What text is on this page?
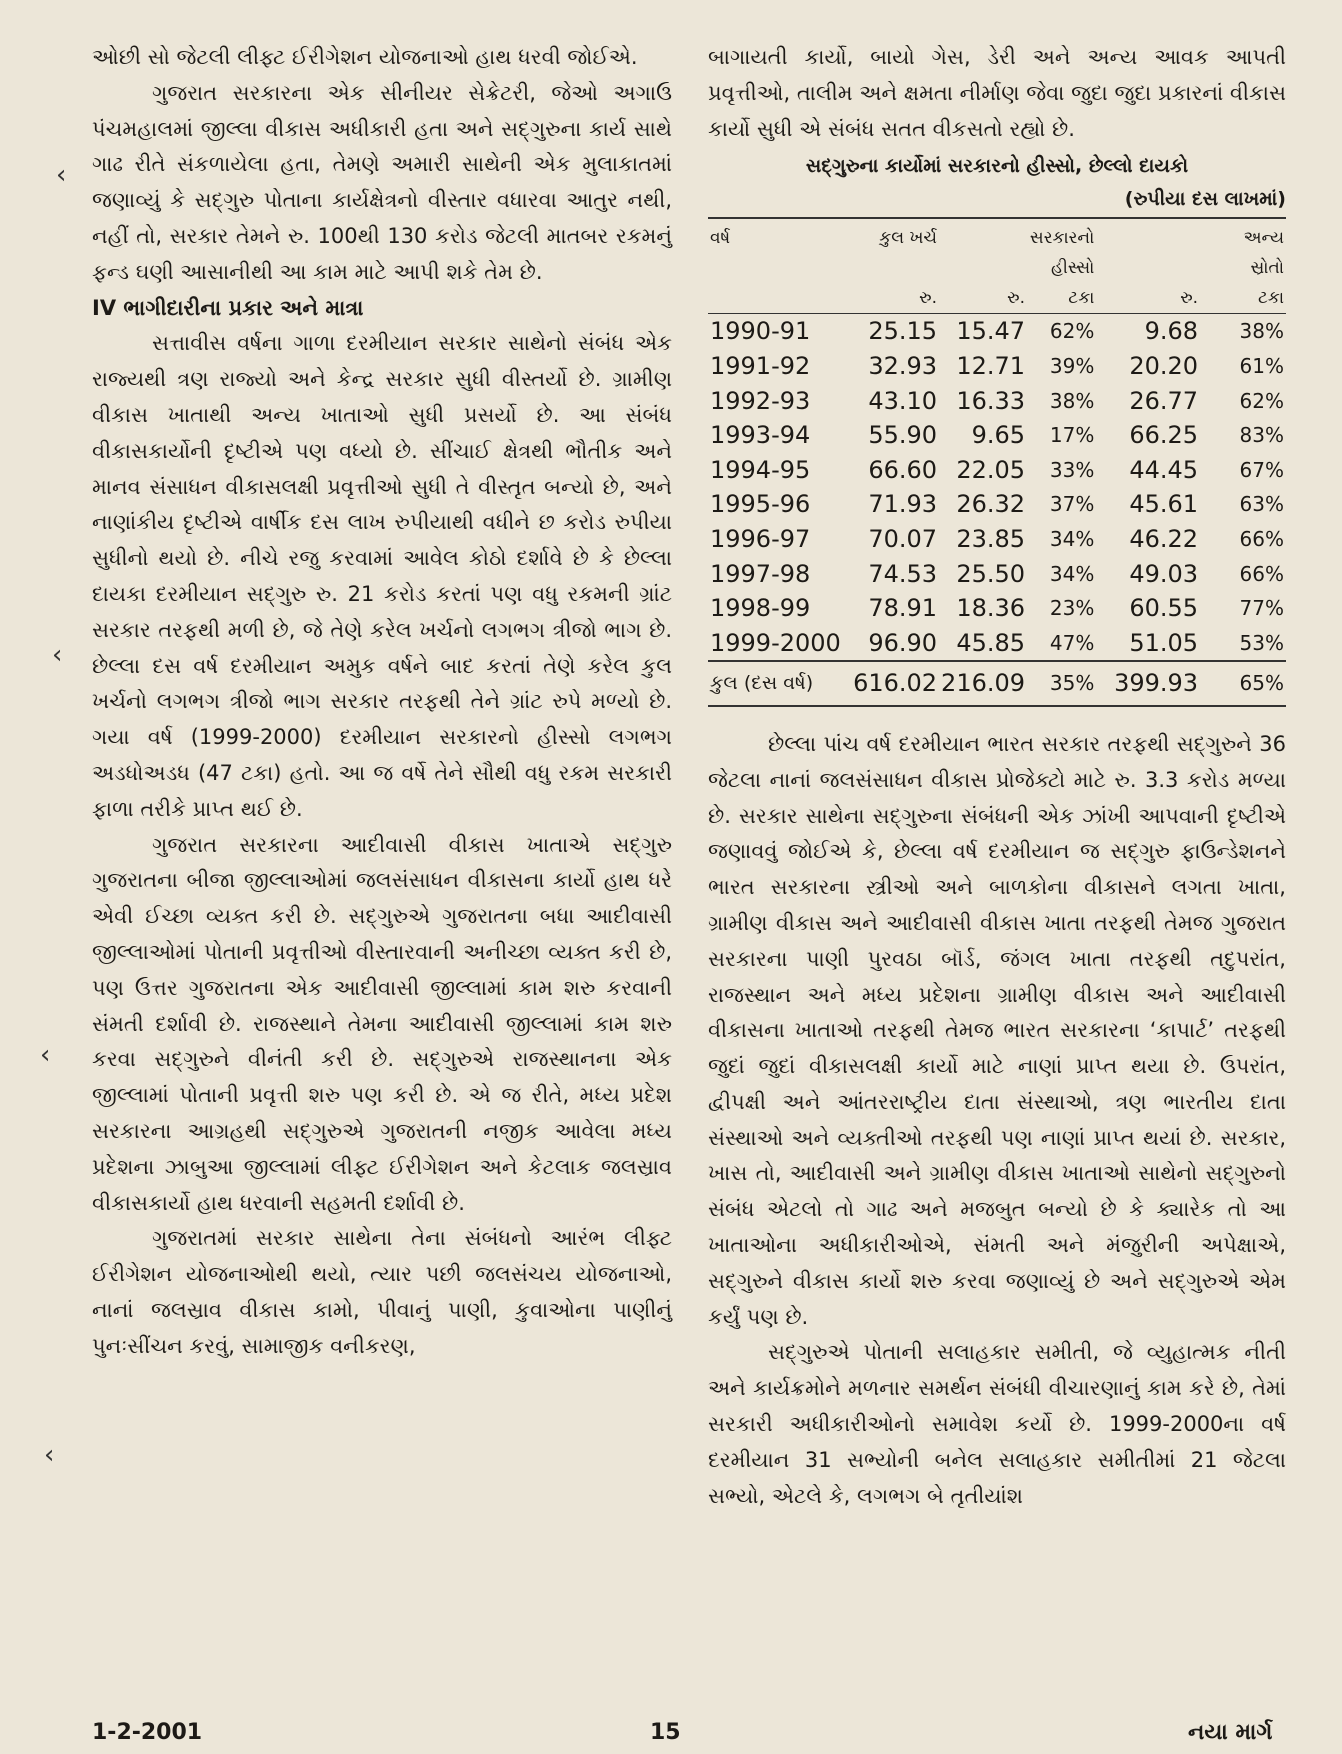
ઓછી સો જેટલી લીફ્ટ ઈરીગેશન યોજનાઓ હાથ ધરવી જોઈએ.

ગુજરાત સરકારના એક સીનીયર સેક્રેટરી, જેઓ અગાઉ પંચમહાલમાં જીલ્લા વીકાસ અધીકારી હતા અને સદ્‌ગુરુના કાર્ય સાથે ગાઢ રીતે સંકળાયેલા હતા, તેમણે અમારી સાથેની એક મુલાકાતમાં જણાવ્યું કે સદ્‌ગુરુ પોતાના કાર્યક્ષેત્રનો વીસ્તાર વધારવા આતુર નથી, નહીં તો, સરકાર તેમને રુ. 100થી 130 કરોડ જેટલી માતબર રકમનું ફન્ડ ઘણી આસાનીથી આ કામ માટે આપી શકે તેમ છે.

IV ભાગીદારીના પ્રકાર અને માત્રા

સત્તાવીસ વર્ષના ગાળા દરમીયાન સરકાર સાથેનો સંબંધ એક રાજ્યથી ત્રણ રાજ્યો અને કેન્દ્ર સરકાર સુધી વીસ્તર્યો છે. ગ્રામીણ વીકાસ ખાતાથી અન્ય ખાતાઓ સુધી પ્રસર્યો છે. આ સંબંધ વીકાસકાર્યોની દૃષ્ટીએ પણ વધ્યો છે. સીંચાઈ ક્ષેત્રથી ભૌતીક અને માનવ સંસાધન વીકાસલક્ષી પ્રવૃત્તીઓ સુધી તે વીસ્તૃત બન્યો છે, અને નાણાંકીય દૃષ્ટીએ વાર્ષીક દસ લાખ રુપીયાથી વધીને છ કરોડ રુપીયા સુધીનો થયો છે. નીચે રજુ કરવામાં આવેલ કોઠો દર્શાવે છે કે છેલ્લા દાયકા દરમીયાન સદ્‌ગુરુ રુ. 21 કરોડ કરતાં પણ વધુ રકમની ગ્રાંટ સરકાર તરફથી મળી છે, જે તેણે કરેલ ખર્ચનો લગભગ ત્રીજો ભાગ છે. છેલ્લા દસ વર્ષ દરમીયાન અમુક વર્ષને બાદ કરતાં તેણે કરેલ કુલ ખર્ચનો લગભગ ત્રીજો ભાગ સરકાર તરફથી તેને ગ્રાંટ રુપે મળ્યો છે. ગયા વર્ષ (1999-2000) દરમીયાન સરકારનો હીસ્સો લગભગ અડધોઅડધ (47 ટકા) હતો. આ જ વર્ષે તેને સૌથી વધુ રકમ સરકારી ફાળા તરીકે પ્રાપ્ત થઈ છે.

ગુજરાત સરકારના આદીવાસી વીકાસ ખાતાએ સદ્‌ગુરુ ગુજરાતના બીજા જીલ્લાઓમાં જલસંસાધન વીકાસના કાર્યો હાથ ધરે એવી ઈચ્છા વ્યક્ત કરી છે. સદ્‌ગુરુએ ગુજરાતના બધા આદીવાસી જીલ્લાઓમાં પોતાની પ્રવૃત્તીઓ વીસ્તારવાની અનીચ્છા વ્યક્ત કરી છે, પણ ઉત્તર ગુજરાતના એક આદીવાસી જીલ્લામાં કામ શરુ કરવાની સંમતી દર્શાવી છે. રાજસ્થાને તેમના આદીવાસી જીલ્લામાં કામ શરુ કરવા સદ્‌ગુરુને વીનંતી કરી છે. સદ્‌ગુરુએ રાજસ્થાનના એક જીલ્લામાં પોતાની પ્રવૃત્તી શરુ પણ કરી છે. એ જ રીતે, મધ્ય પ્રદેશ સરકારના આગ્રહથી સદ્‌ગુરુએ ગુજરાતની નજીક આવેલા મધ્ય પ્રદેશના ઝાબુઆ જીલ્લામાં લીફ્ટ ઈરીગેશન અને કેટલાક જલસ્રાવ વીકાસકાર્યો હાથ ધરવાની સહમતી દર્શાવી છે.

ગુજરાતમાં સરકાર સાથેના તેના સંબંધનો આરંભ લીફ્ટ ઈરીગેશન યોજનાઓથી થયો, ત્યાર પછી જલસંચય યોજનાઓ, નાનાં જલસ્રાવ વીકાસ કામો, પીવાનું પાણી, કુવાઓના પાણીનું પુનઃસીંચન કરવું, સામાજીક વનીકરણ,

બાગાયતી કાર્યો, બાયો ગેસ, ડેરી અને અન્ય આવક આપતી પ્રવૃત્તીઓ, તાલીમ અને ક્ષમતા નીર્માણ જેવા જુદા જુદા પ્રકારનાં વીકાસ કાર્યો સુધી એ સંબંધ સતત વીકસતો રહ્યો છે.

સદ્‌ગુરુના કાર્યોમાં સરકારનો હીસ્સો, છેલ્લો દાયકો
(રુપીયા દસ લાખમાં)
વર્ષ	કુલ ખર્ચ		સરકારનો		અન્ય
			હીસ્સો		સ્રોતો
	રુ.	રુ.	ટકા	રુ.	ટકા
1990-91	25.15	15.47	62%	9.68	38%
1991-92	32.93	12.71	39%	20.20	61%
1992-93	43.10	16.33	38%	26.77	62%
1993-94	55.90	9.65	17%	66.25	83%
1994-95	66.60	22.05	33%	44.45	67%
1995-96	71.93	26.32	37%	45.61	63%
1996-97	70.07	23.85	34%	46.22	66%
1997-98	74.53	25.50	34%	49.03	66%
1998-99	78.91	18.36	23%	60.55	77%
1999-2000	96.90	45.85	47%	51.05	53%
કુલ (દસ વર્ષ)	616.02	216.09	35%	399.93	65%

છેલ્લા પાંચ વર્ષ દરમીયાન ભારત સરકાર તરફથી સદ્‌ગુરુને 36 જેટલા નાનાં જલસંસાધન વીકાસ પ્રોજેક્ટો માટે રુ. 3.3 કરોડ મળ્યા છે. સરકાર સાથેના સદ્‌ગુરુના સંબંધની એક ઝાંખી આપવાની દૃષ્ટીએ જણાવવું જોઈએ કે, છેલ્લા વર્ષ દરમીયાન જ સદ્‌ગુરુ ફાઉન્ડેશનને ભારત સરકારના સ્ત્રીઓ અને બાળકોના વીકાસને લગતા ખાતા, ગ્રામીણ વીકાસ અને આદીવાસી વીકાસ ખાતા તરફથી તેમજ ગુજરાત સરકારના પાણી પુરવઠા બૉર્ડ, જંગલ ખાતા તરફથી તદુપરાંત, રાજસ્થાન અને મધ્ય પ્રદેશના ગ્રામીણ વીકાસ અને આદીવાસી વીકાસના ખાતાઓ તરફથી તેમજ ભારત સરકારના ‘કાપાર્ટ’ તરફથી જુદાં જુદાં વીકાસલક્ષી કાર્યો માટે નાણાં પ્રાપ્ત થયા છે. ઉપરાંત, દ્વીપક્ષી અને આંતરરાષ્ટ્રીય દાતા સંસ્થાઓ, ત્રણ ભારતીય દાતા સંસ્થાઓ અને વ્યક્તીઓ તરફથી પણ નાણાં પ્રાપ્ત થયાં છે. સરકાર, ખાસ તો, આદીવાસી અને ગ્રામીણ વીકાસ ખાતાઓ સાથેનો સદ્‌ગુરુનો સંબંધ એટલો તો ગાઢ અને મજબુત બન્યો છે કે ક્યારેક તો આ ખાતાઓના અધીકારીઓએ, સંમતી અને મંજુરીની અપેક્ષાએ, સદ્‌ગુરુને વીકાસ કાર્યો શરુ કરવા જણાવ્યું છે અને સદ્‌ગુરુએ એમ કર્યું પણ છે.

સદ્‌ગુરુએ પોતાની સલાહકાર સમીતી, જે વ્યુહાત્મક નીતી અને કાર્યક્રમોને મળનાર સમર્થન સંબંધી વીચારણાનું કામ કરે છે, તેમાં સરકારી અધીકારીઓનો સમાવેશ કર્યો છે. 1999-2000ના વર્ષ દરમીયાન 31 સભ્યોની બનેલ સલાહકાર સમીતીમાં 21 જેટલા સભ્યો, એટલે કે, લગભગ બે તૃતીયાંશ

1-2-2001	15	નયા માર્ગ
‹
‹
‹
‹
